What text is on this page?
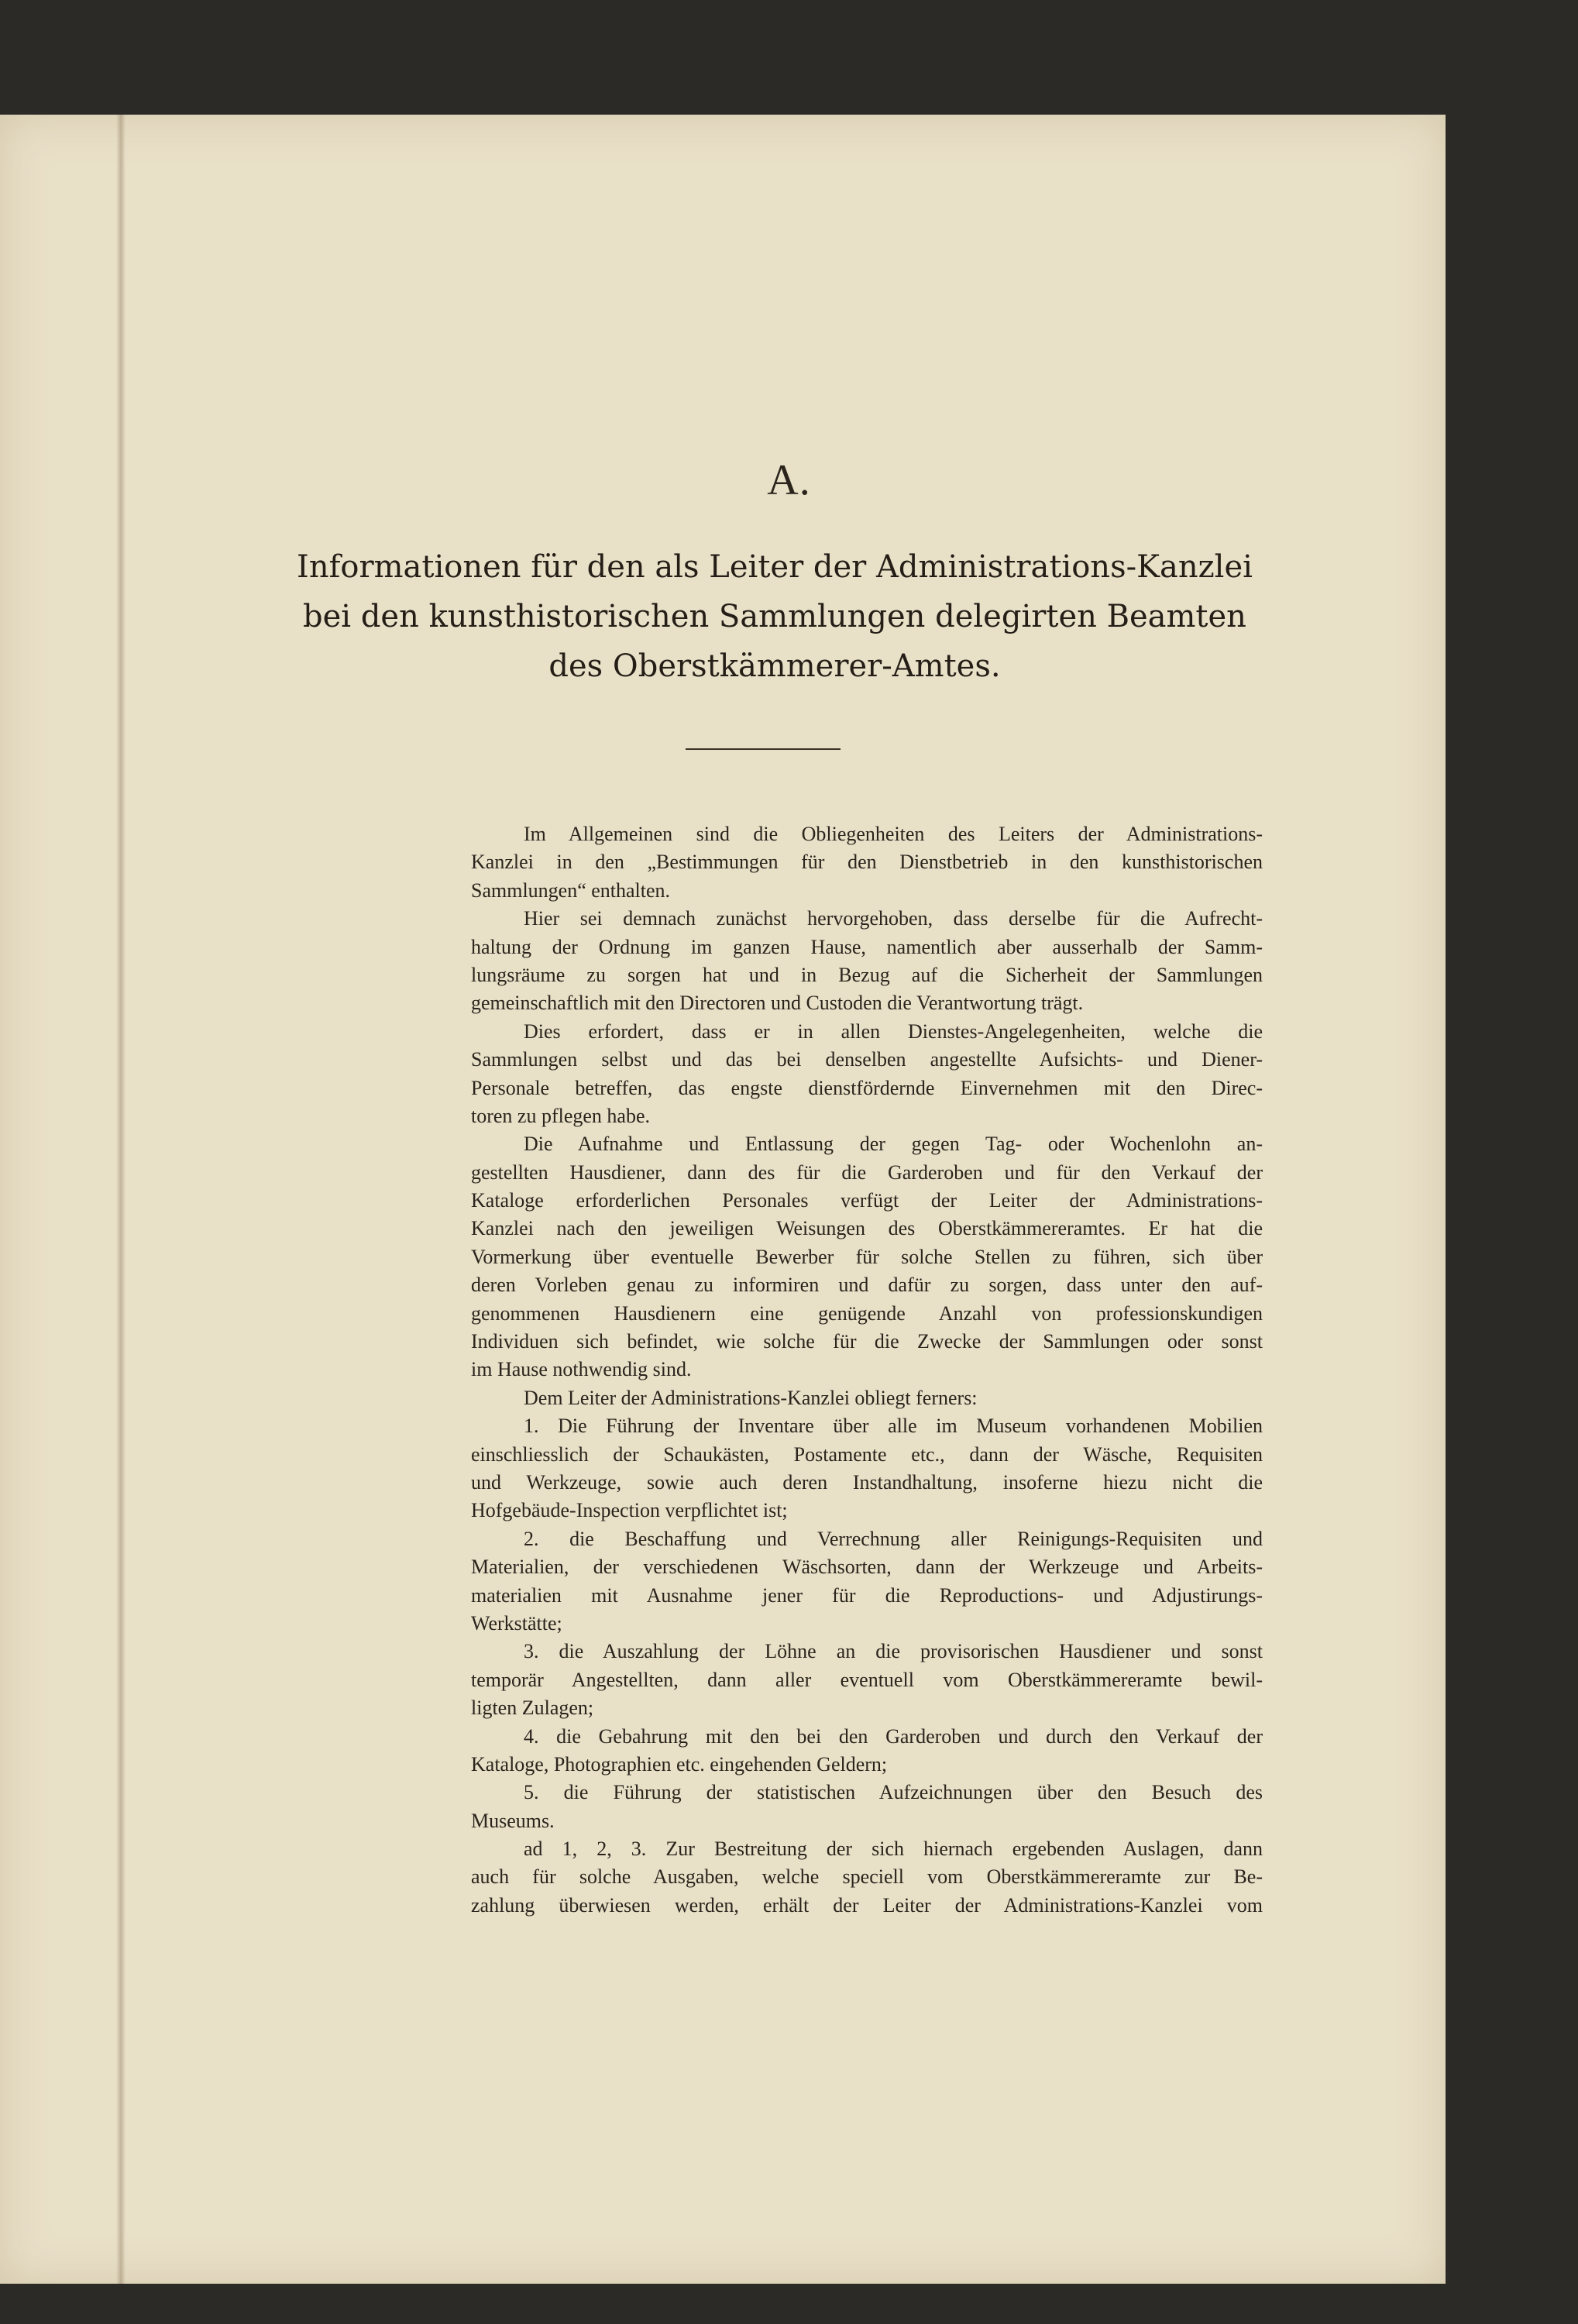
A.
Informationen für den als Leiter der Administrations-Kanzlei
bei den kunsthistorischen Sammlungen delegirten Beamten
des Oberstkämmerer-Amtes.
Im Allgemeinen sind die Obliegenheiten des Leiters der Administrations-
Kanzlei in den „Bestimmungen für den Dienstbetrieb in den kunsthistorischen
Sammlungen“ enthalten.
Hier sei demnach zunächst hervorgehoben, dass derselbe für die Aufrecht-
haltung der Ordnung im ganzen Hause, namentlich aber ausserhalb der Samm-
lungsräume zu sorgen hat und in Bezug auf die Sicherheit der Sammlungen
gemeinschaftlich mit den Directoren und Custoden die Verantwortung trägt.
Dies erfordert, dass er in allen Dienstes-Angelegenheiten, welche die
Sammlungen selbst und das bei denselben angestellte Aufsichts- und Diener-
Personale betreffen, das engste dienstfördernde Einvernehmen mit den Direc-
toren zu pflegen habe.
Die Aufnahme und Entlassung der gegen Tag- oder Wochenlohn an-
gestellten Hausdiener, dann des für die Garderoben und für den Verkauf der
Kataloge erforderlichen Personales verfügt der Leiter der Administrations-
Kanzlei nach den jeweiligen Weisungen des Oberstkämmereramtes. Er hat die
Vormerkung über eventuelle Bewerber für solche Stellen zu führen, sich über
deren Vorleben genau zu informiren und dafür zu sorgen, dass unter den auf-
genommenen Hausdienern eine genügende Anzahl von professionskundigen
Individuen sich befindet, wie solche für die Zwecke der Sammlungen oder sonst
im Hause nothwendig sind.
Dem Leiter der Administrations-Kanzlei obliegt ferners:
1. Die Führung der Inventare über alle im Museum vorhandenen Mobilien
einschliesslich der Schaukästen, Postamente etc., dann der Wäsche, Requisiten
und Werkzeuge, sowie auch deren Instandhaltung, insoferne hiezu nicht die
Hofgebäude-Inspection verpflichtet ist;
2. die Beschaffung und Verrechnung aller Reinigungs-Requisiten und
Materialien, der verschiedenen Wäschsorten, dann der Werkzeuge und Arbeits-
materialien mit Ausnahme jener für die Reproductions- und Adjustirungs-
Werkstätte;
3. die Auszahlung der Löhne an die provisorischen Hausdiener und sonst
temporär Angestellten, dann aller eventuell vom Oberstkämmereramte bewil-
ligten Zulagen;
4. die Gebahrung mit den bei den Garderoben und durch den Verkauf der
Kataloge, Photographien etc. eingehenden Geldern;
5. die Führung der statistischen Aufzeichnungen über den Besuch des
Museums.
ad 1, 2, 3. Zur Bestreitung der sich hiernach ergebenden Auslagen, dann
auch für solche Ausgaben, welche speciell vom Oberstkämmereramte zur Be-
zahlung überwiesen werden, erhält der Leiter der Administrations-Kanzlei vom
